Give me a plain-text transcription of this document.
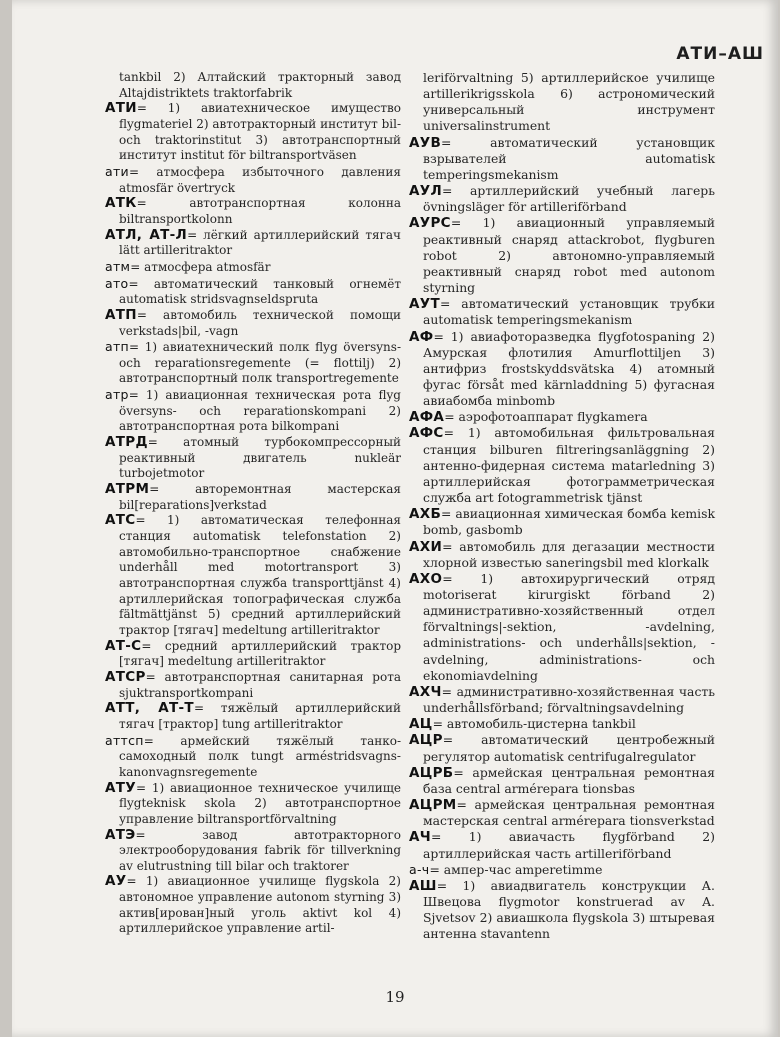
АТИ–АШ

tankbil 2) Алтайский тракторный завод Altajdistriktets traktorfabrik

АТИ= 1) авиатехническое имущество flygmateriel 2) автотракторный институт bil- och traktorinstitut 3) автотранспортный институт institut för biltransportväsen

ати= атмосфера избыточного давления atmosfär övertryck

АТК= автотранспортная колонна biltransportkolonn

АТЛ, АТ-Л= лёгкий артиллерийский тягач lätt artilleritraktor

атм= атмосфера atmosfär

ато= автоматический танковый огнемёт automatisk stridsvagnseldspruta

АТП= автомобиль технической помощи verkstads|bil, -vagn

атп= 1) авиатехнический полк flyg översyns- och reparationsregemente (= flottilj) 2) автотранспортный полк transportregemente

атр= 1) авиационная техническая рота flyg översyns- och reparationskompani 2) автотранспортная рота bilkompani

АТРД= атомный турбокомпрессорный реактивный двигатель nukleär turbojetmotor

АТРМ= авторемонтная мастерская bil[reparations]verkstad

АТС= 1) автоматическая телефонная станция automatisk telefonstation 2) автомобильно-транспортное снабжение underhåll med motortransport 3) автотранспортная служба transporttjänst 4) артиллерийская топографическая служба fältmättjänst 5) средний артиллерийский трактор [тягач] medeltung artilleritraktor

АТ-С= средний артиллерийский трактор [тягач] medeltung artilleritraktor

АТСР= автотранспортная санитарная рота sjuktransportkompani

АТТ, АТ-Т= тяжёлый артиллерийский тягач [трактор] tung artilleritraktor

аттсп= армейский тяжёлый танко-самоходный полк tungt arméstridsvagns-kanonvagnsregemente

АТУ= 1) авиационное техническое училище flygteknisk skola 2) автотранспортное управление biltransportförvaltning

АТЭ= завод автотракторного электрооборудования fabrik för tillverkning av elutrustning till bilar och traktorer

АУ= 1) авиационное училище flygskola 2) автономное управление autonom styrning 3) актив[ирован]ный уголь aktivt kol 4) артиллерийское управление artil-

leriförvaltning 5) артиллерийское училище artillerikrigsskola 6) астрономический универсальный инструмент universalinstrument

АУВ= автоматический установщик взрывателей automatisk temperingsmekanism

АУЛ= артиллерийский учебный лагерь övningsläger för artilleriförband

АУРС= 1) авиационный управляемый реактивный снаряд attackrobot, flygburen robot 2) автономно-управляемый реактивный снаряд robot med autonom styrning

АУТ= автоматический установщик трубки automatisk temperingsmekanism

АФ= 1) авиафоторазведка flygfotospaning 2) Амурская флотилия Amurflottiljen 3) антифриз frostskyddsvätska 4) атомный фугас försåt med kärnladdning 5) фугасная авиабомба minbomb

АФА= аэрофотоаппарат flygkamera

АФС= 1) автомобильная фильтровальная станция bilburen filtreringsanläggning 2) антенно-фидерная система matarledning 3) артиллерийская фотограмметрическая служба art fotogrammetrisk tjänst

АХБ= авиационная химическая бомба kemisk bomb, gasbomb

АХИ= автомобиль для дегазации местности хлорной известью saneringsbil med klorkalk

АХО= 1) автохирургический отряд motoriserat kirurgiskt förband 2) административно-хозяйственный отдел förvaltnings|-sektion, -avdelning, administrations- och underhålls|sektion, -avdelning, administrations- och ekonomiavdelning

АХЧ= административно-хозяйственная часть underhållsförband; förvaltningsavdelning

АЦ= автомобиль-цистерна tankbil

АЦР= автоматический центробежный регулятор automatisk centrifugalregulator

АЦРБ= армейская центральная ремонтная база central armérepara tionsbas

АЦРМ= армейская центральная ремонтная мастерская central armérepara tionsverkstad

АЧ= 1) авиачасть flygförband 2) артиллерийская часть artilleriförband

а-ч= ампер-час amperetimme

АШ= 1) авиадвигатель конструкции А. Швецова flygmotor konstruerad av A. Sjvetsov 2) авиашкола flygskola 3) штыревая антенна stavantenn

19
